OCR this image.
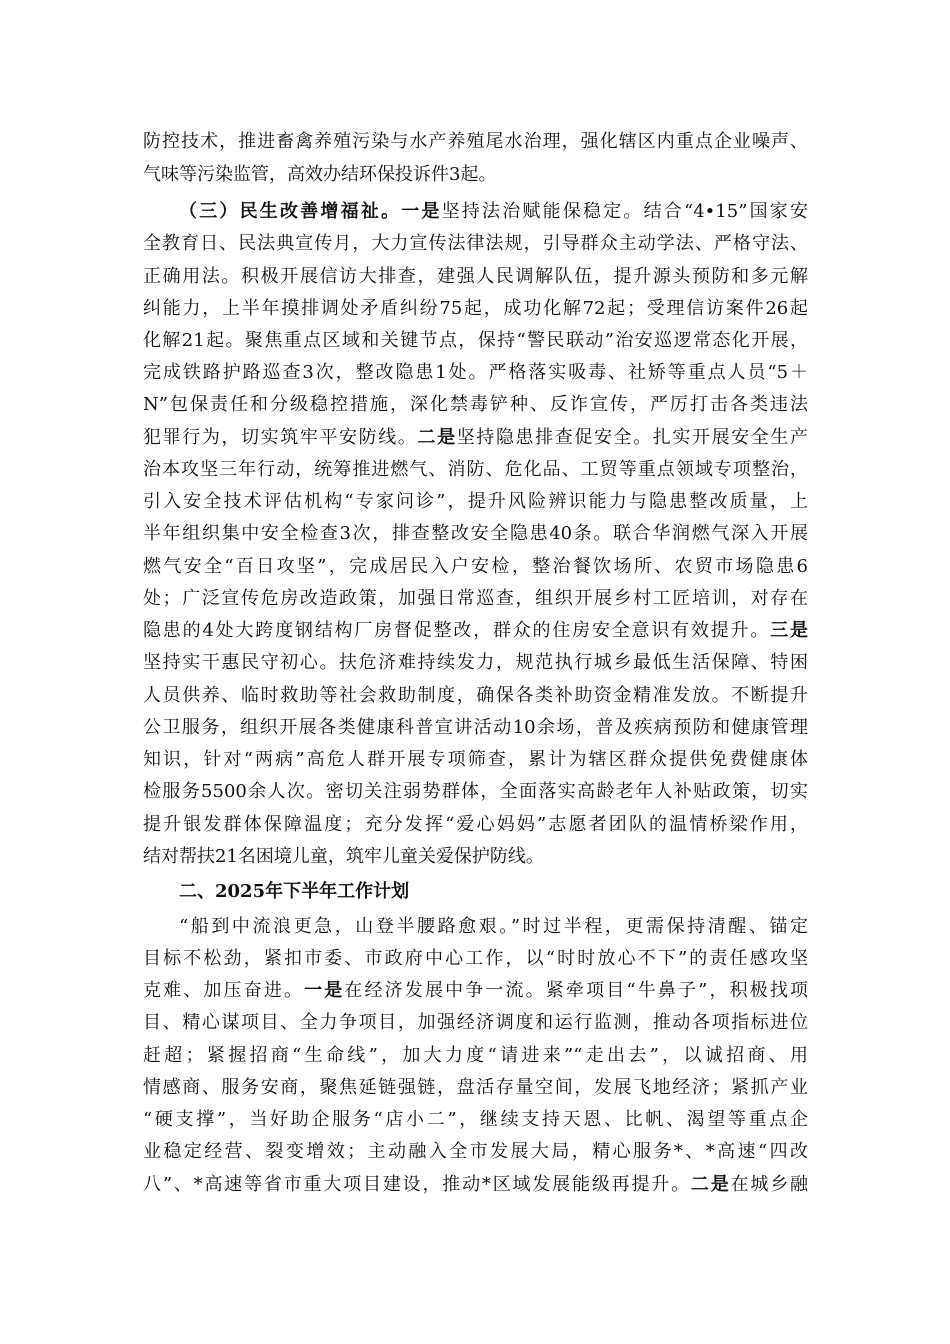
防控技术，推进畜禽养殖污染与水产养殖尾水治理，强化辖区内重点企业噪声、
气味等污染监管，高效办结环保投诉件3起。
（三）民生改善增福祉。一是坚持法治赋能保稳定。结合“4•15”国家安
全教育日、民法典宣传月，大力宣传法律法规，引导群众主动学法、严格守法、
正确用法。积极开展信访大排查，建强人民调解队伍，提升源头预防和多元解
纠能力，上半年摸排调处矛盾纠纷75起，成功化解72起；受理信访案件26起
化解21起。聚焦重点区域和关键节点，保持“警民联动”治安巡逻常态化开展，
完成铁路护路巡查3次，整改隐患1处。严格落实吸毒、社矫等重点人员“5＋
N”包保责任和分级稳控措施，深化禁毒铲种、反诈宣传，严厉打击各类违法
犯罪行为，切实筑牢平安防线。二是坚持隐患排查促安全。扎实开展安全生产
治本攻坚三年行动，统筹推进燃气、消防、危化品、工贸等重点领域专项整治，
引入安全技术评估机构“专家问诊”，提升风险辨识能力与隐患整改质量，上
半年组织集中安全检查3次，排查整改安全隐患40条。联合华润燃气深入开展
燃气安全“百日攻坚”，完成居民入户安检，整治餐饮场所、农贸市场隐患6
处；广泛宣传危房改造政策，加强日常巡查，组织开展乡村工匠培训，对存在
隐患的4处大跨度钢结构厂房督促整改，群众的住房安全意识有效提升。三是
坚持实干惠民守初心。扶危济难持续发力，规范执行城乡最低生活保障、特困
人员供养、临时救助等社会救助制度，确保各类补助资金精准发放。不断提升
公卫服务，组织开展各类健康科普宣讲活动10余场，普及疾病预防和健康管理
知识，针对“两病”高危人群开展专项筛查，累计为辖区群众提供免费健康体
检服务5500余人次。密切关注弱势群体，全面落实高龄老年人补贴政策，切实
提升银发群体保障温度；充分发挥“爱心妈妈”志愿者团队的温情桥梁作用，
结对帮扶21名困境儿童，筑牢儿童关爱保护防线。
二、2025年下半年工作计划
“船到中流浪更急，山登半腰路愈艰。”时过半程，更需保持清醒、锚定
目标不松劲，紧扣市委、市政府中心工作，以“时时放心不下”的责任感攻坚
克难、加压奋进。一是在经济发展中争一流。紧牵项目“牛鼻子”，积极找项
目、精心谋项目、全力争项目，加强经济调度和运行监测，推动各项指标进位
赶超；紧握招商“生命线”，加大力度“请进来”“走出去”，以诚招商、用
情感商、服务安商，聚焦延链强链，盘活存量空间，发展飞地经济；紧抓产业
“硬支撑”，当好助企服务“店小二”，继续支持天恩、比帆、渴望等重点企
业稳定经营、裂变增效；主动融入全市发展大局，精心服务*、*高速“四改
八”、*高速等省市重大项目建设，推动*区域发展能级再提升。二是在城乡融
